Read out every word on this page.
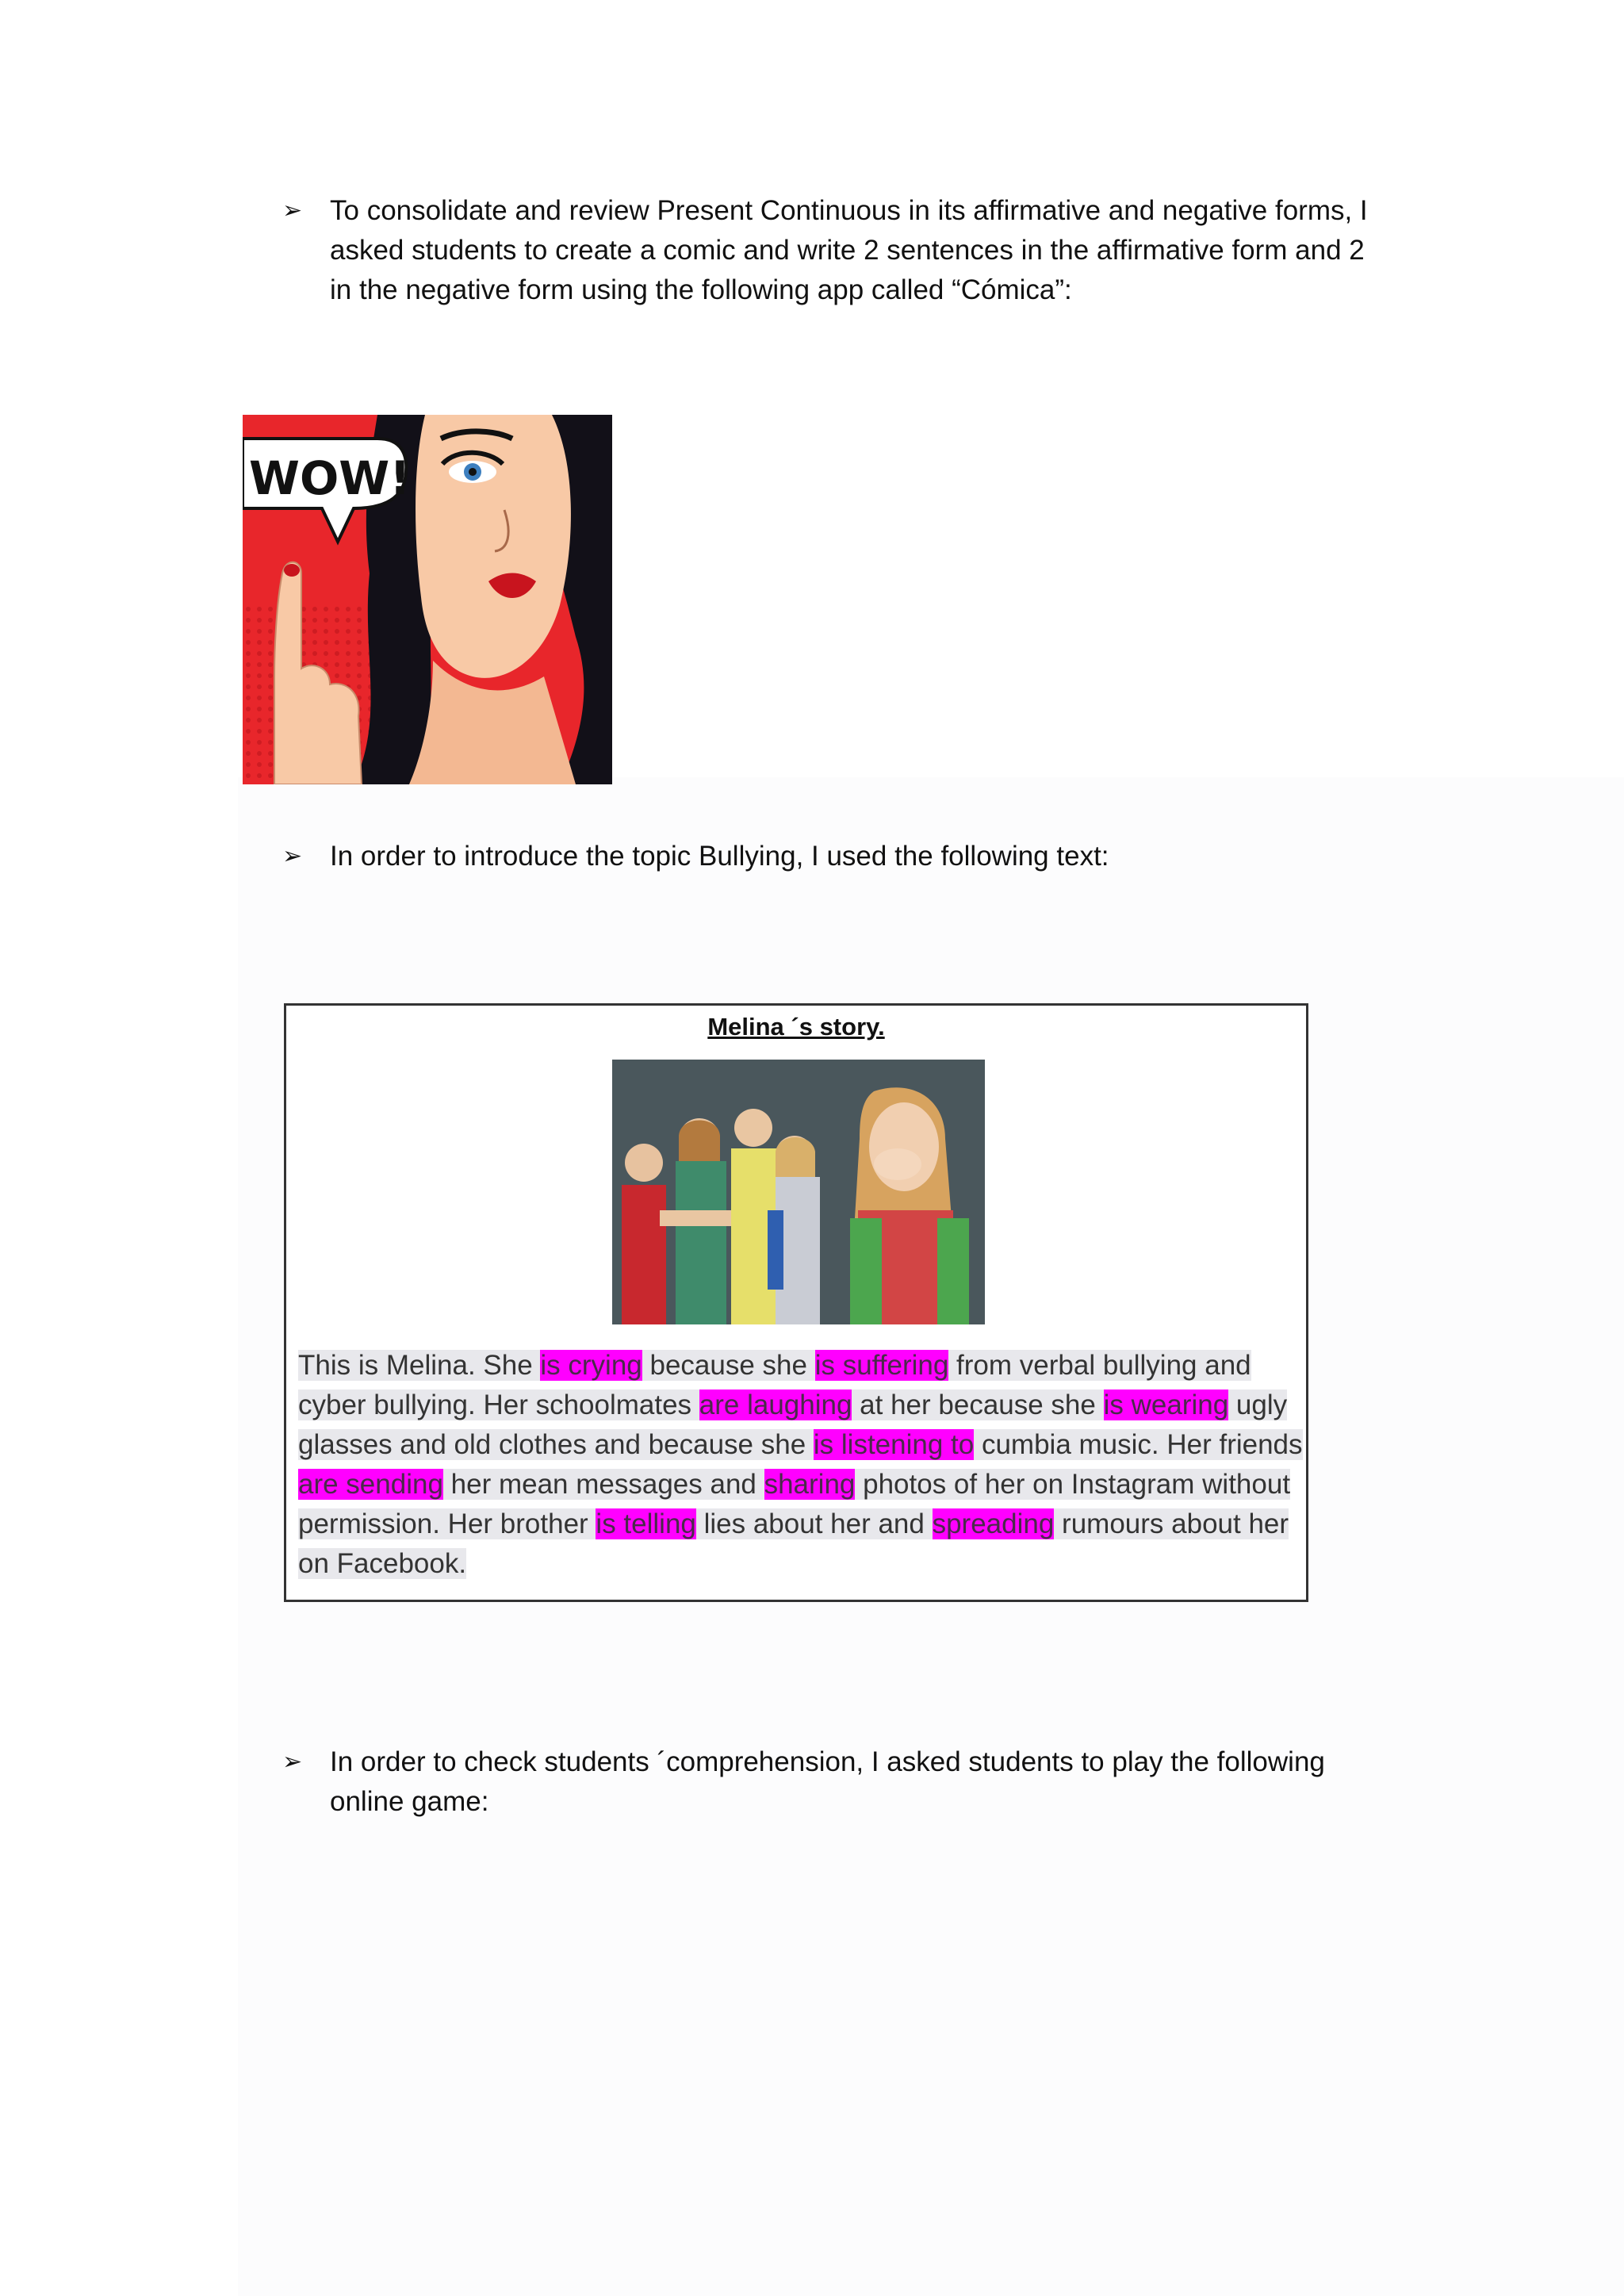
➢ To consolidate and review Present Continuous in its affirmative and negative forms, I
asked students to create a comic and write 2 sentences in the affirmative form and 2
in the negative form using the following app called “Cómica”:
WOW!
➢ In order to introduce the topic Bullying, I used the following text:
Melina ´s story.
This is Melina. She is crying because she is suffering from verbal bullying and
cyber bullying. Her schoolmates are laughing at her because she is wearing ugly
glasses and old clothes and because she is listening to cumbia music. Her friends
are sending her mean messages and sharing photos of her on Instagram without
permission. Her brother is telling lies about her and spreading rumours about her
on Facebook.
➢ In order to check students ´comprehension, I asked students to play the following
online game:
